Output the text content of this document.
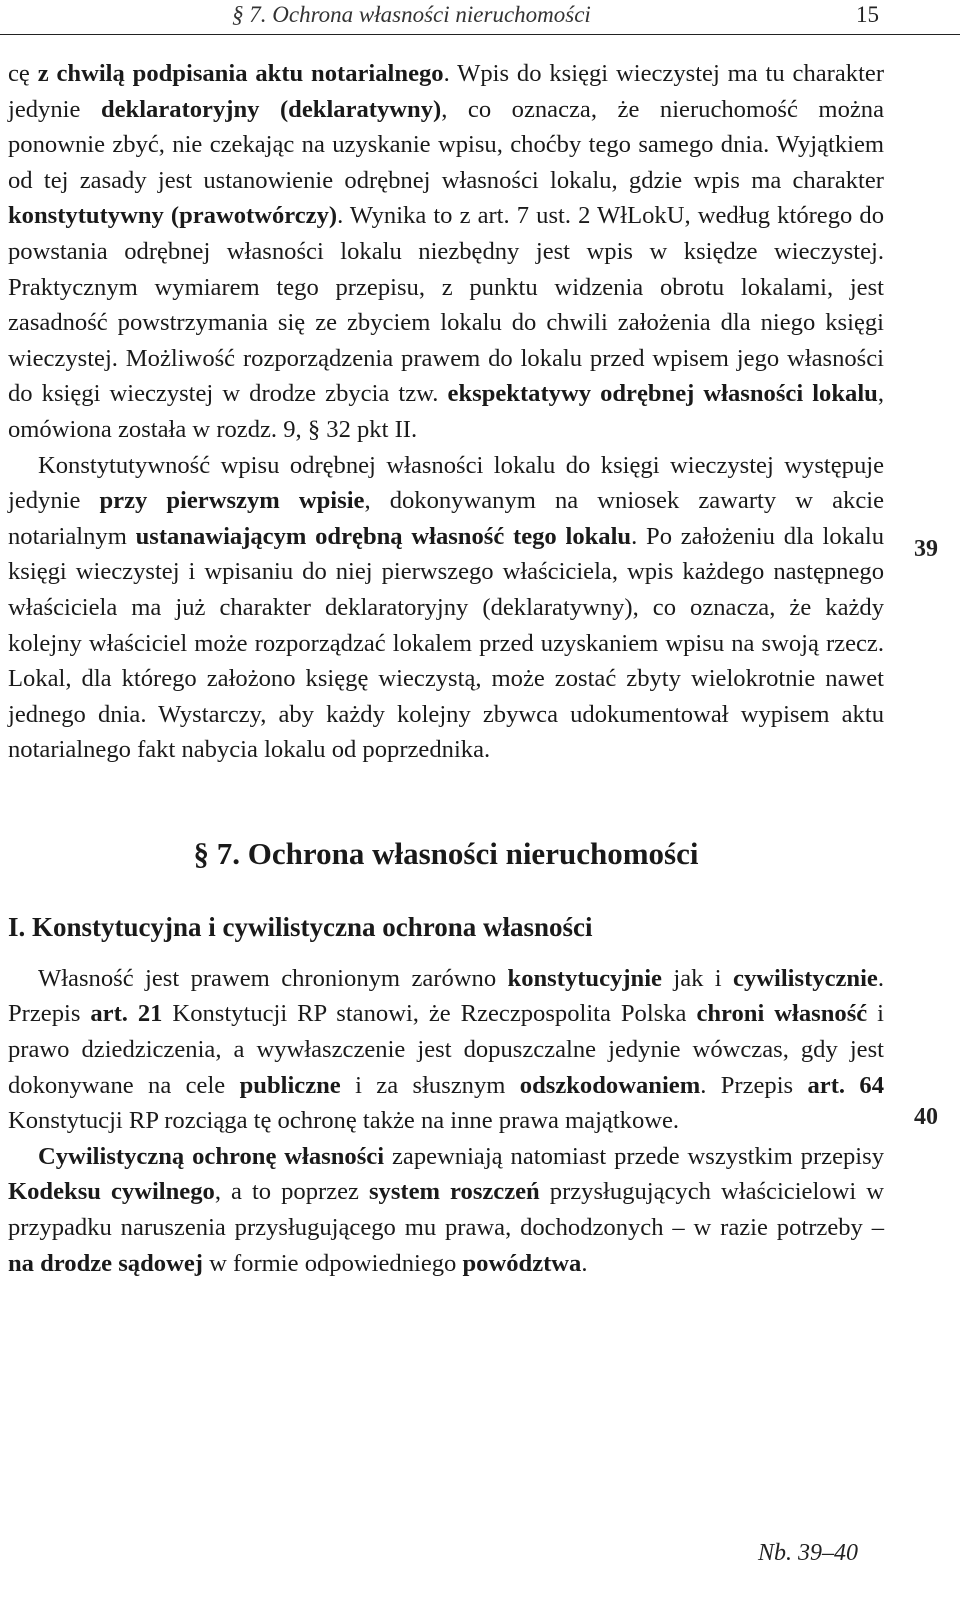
§ 7. Ochrona własności nieruchomości	15

cę z chwilą podpisania aktu notarialnego. Wpis do księgi wieczystej ma tu charakter jedynie deklaratoryjny (deklaratywny), co oznacza, że nieruchomość można ponownie zbyć, nie czekając na uzyskanie wpisu, choćby tego samego dnia. Wyjątkiem od tej zasady jest ustanowienie odrębnej własności lokalu, gdzie wpis ma charakter konstytutywny (prawotwórczy). Wynika to z art. 7 ust. 2 WłLokU, według którego do powstania odrębnej własności lokalu niezbędny jest wpis w księdze wieczystej. Praktycznym wymiarem tego przepisu, z punktu widzenia obrotu lokalami, jest zasadność powstrzymania się ze zbyciem lokalu do chwili założenia dla niego księgi wieczystej. Możliwość rozporządzenia prawem do lokalu przed wpisem jego własności do księgi wieczystej w drodze zbycia tzw. ekspektatywy odrębnej własności lokalu, omówiona została w rozdz. 9, § 32 pkt II.

Konstytutywność wpisu odrębnej własności lokalu do księgi wieczystej występuje jedynie przy pierwszym wpisie, dokonywanym na wniosek zawarty w akcie notarialnym ustanawiającym odrębną własność tego lokalu. Po założeniu dla lokalu księgi wieczystej i wpisaniu do niej pierwszego właściciela, wpis każdego następnego właściciela ma już charakter deklaratoryjny (deklaratywny), co oznacza, że każdy kolejny właściciel może rozporządzać lokalem przed uzyskaniem wpisu na swoją rzecz. Lokal, dla którego założono księgę wieczystą, może zostać zbyty wielokrotnie nawet jednego dnia. Wystarczy, aby każdy kolejny zbywca udokumentował wypisem aktu notarialnego fakt nabycia lokalu od poprzednika.

§ 7. Ochrona własności nieruchomości
I. Konstytucyjna i cywilistyczna ochrona własności

Własność jest prawem chronionym zarówno konstytucyjnie jak i cywilistycznie. Przepis art. 21 Konstytucji RP stanowi, że Rzeczpospolita Polska chroni własność i prawo dziedziczenia, a wywłaszczenie jest dopuszczalne jedynie wówczas, gdy jest dokonywane na cele publiczne i za słusznym odszkodowaniem. Przepis art. 64 Konstytucji RP rozciąga tę ochronę także na inne prawa majątkowe.

Cywilistyczną ochronę własności zapewniają natomiast przede wszystkim przepisy Kodeksu cywilnego, a to poprzez system roszczeń przysługujących właścicielowi w przypadku naruszenia przysługującego mu prawa, dochodzonych – w razie potrzeby – na drodze sądowej w formie odpowiedniego powództwa.

39
40
Nb. 39–40
